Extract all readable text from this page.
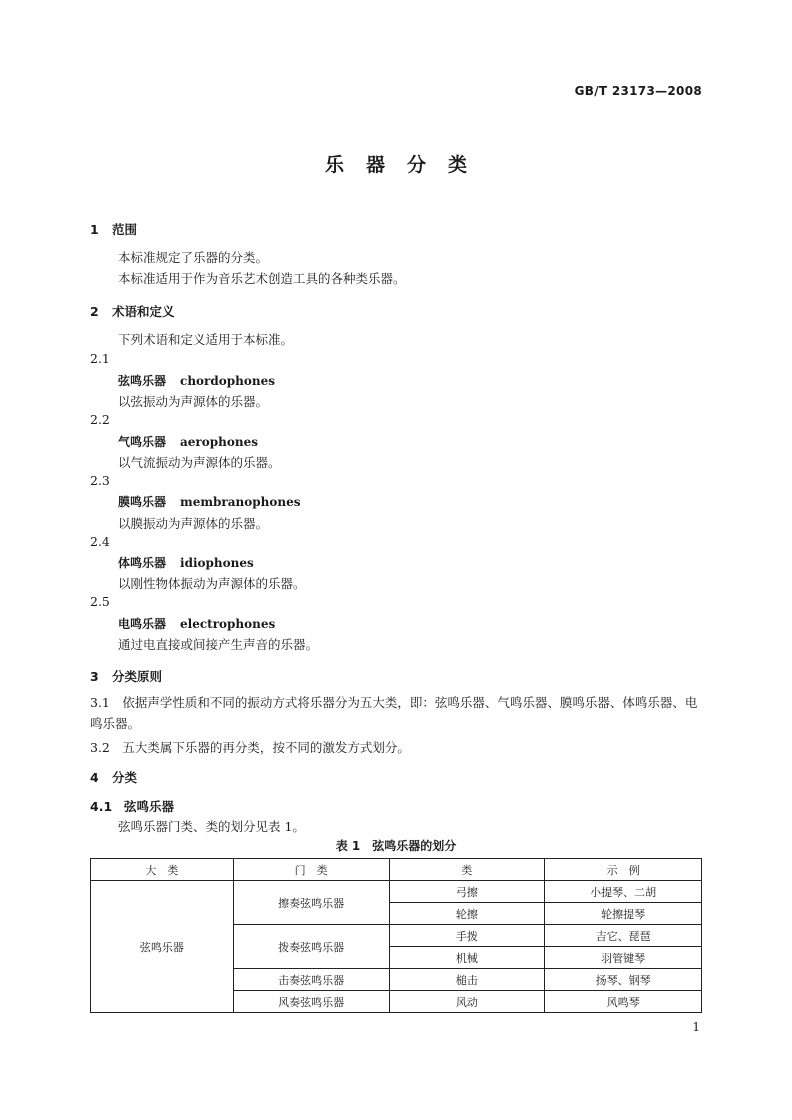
GB/T 23173—2008
乐器分类
1 范围
本标准规定了乐器的分类。
本标准适用于作为音乐艺术创造工具的各种类乐器。
2 术语和定义
下列术语和定义适用于本标准。
2.1
弦鸣乐器 chordophones
以弦振动为声源体的乐器。
2.2
气鸣乐器 aerophones
以气流振动为声源体的乐器。
2.3
膜鸣乐器 membranophones
以膜振动为声源体的乐器。
2.4
体鸣乐器 idiophones
以刚性物体振动为声源体的乐器。
2.5
电鸣乐器 electrophones
通过电直接或间接产生声音的乐器。
3 分类原则
3.1　依据声学性质和不同的振动方式将乐器分为五大类，即：弦鸣乐器、气鸣乐器、膜鸣乐器、体鸣乐器、电鸣乐器。
3.2　五大类属下乐器的再分类，按不同的激发方式划分。
4 分类
4.1 弦鸣乐器
弦鸣乐器门类、类的划分见表 1。
表 1　弦鸣乐器的划分
大　类	门　类	类	示　例
弦鸣乐器	擦奏弦鸣乐器	弓擦	小提琴、二胡
		轮擦	轮擦提琴
	拨奏弦鸣乐器	手拨	吉它、琵琶
		机械	羽管键琴
	击奏弦鸣乐器	槌击	扬琴、钢琴
	风奏弦鸣乐器	风动	风鸣琴
1
